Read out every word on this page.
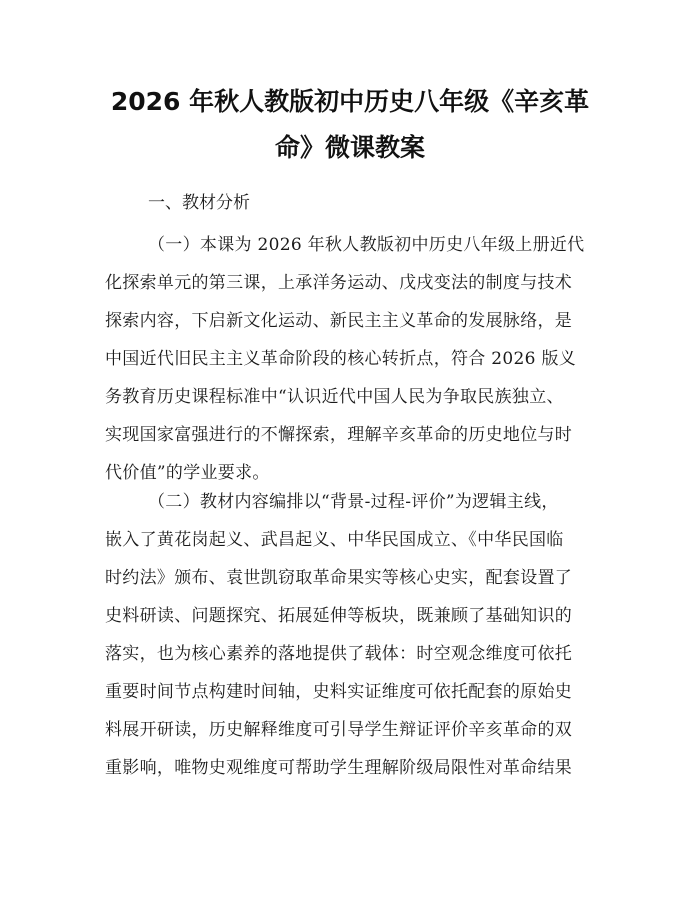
2026 年秋人教版初中历史八年级《辛亥革
命》微课教案
一、教材分析
（一）本课为 2026 年秋人教版初中历史八年级上册近代
化探索单元的第三课，上承洋务运动、戊戌变法的制度与技术
探索内容，下启新文化运动、新民主主义革命的发展脉络，是
中国近代旧民主主义革命阶段的核心转折点，符合 2026 版义
务教育历史课程标准中“认识近代中国人民为争取民族独立、
实现国家富强进行的不懈探索，理解辛亥革命的历史地位与时
代价值”的学业要求。
（二）教材内容编排以“背景-过程-评价”为逻辑主线，
嵌入了黄花岗起义、武昌起义、中华民国成立、《中华民国临
时约法》颁布、袁世凯窃取革命果实等核心史实，配套设置了
史料研读、问题探究、拓展延伸等板块，既兼顾了基础知识的
落实，也为核心素养的落地提供了载体：时空观念维度可依托
重要时间节点构建时间轴，史料实证维度可依托配套的原始史
料展开研读，历史解释维度可引导学生辩证评价辛亥革命的双
重影响，唯物史观维度可帮助学生理解阶级局限性对革命结果
